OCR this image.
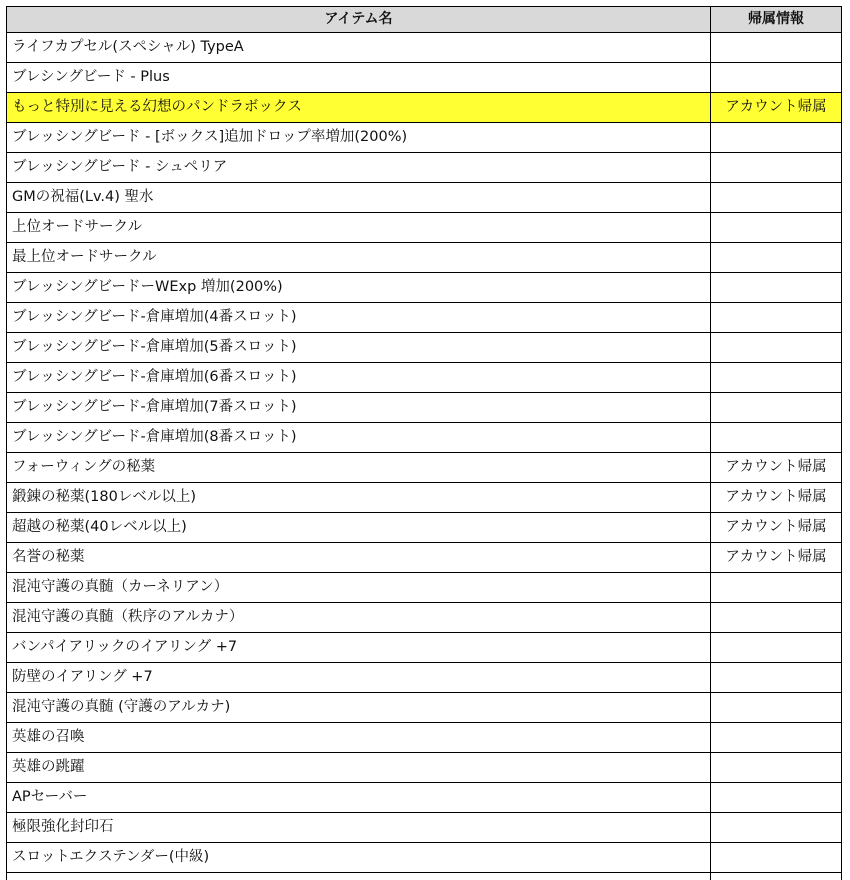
アイテム名	帰属情報
ライフカプセル(スペシャル) TypeA	
ブレシングビード - Plus	
もっと特別に見える幻想のパンドラボックス	アカウント帰属
ブレッシングビード - [ボックス]追加ドロップ率増加(200%)	
ブレッシングビード - シュペリア	
GMの祝福(Lv.4) 聖水	
上位オードサークル	
最上位オードサークル	
ブレッシングビードーWExp 増加(200%)	
ブレッシングビード-倉庫増加(4番スロット)	
ブレッシングビード-倉庫増加(5番スロット)	
ブレッシングビード-倉庫増加(6番スロット)	
ブレッシングビード-倉庫増加(7番スロット)	
ブレッシングビード-倉庫増加(8番スロット)	
フォーウィングの秘薬	アカウント帰属
鍛錬の秘薬(180レベル以上)	アカウント帰属
超越の秘薬(40レベル以上)	アカウント帰属
名誉の秘薬	アカウント帰属
混沌守護の真髄（カーネリアン）	
混沌守護の真髄（秩序のアルカナ）	
バンパイアリックのイアリング +7	
防壁のイアリング +7	
混沌守護の真髄 (守護のアルカナ)	
英雄の召喚	
英雄の跳躍	
APセーバー	
極限強化封印石	
スロットエクステンダー(中級)	
